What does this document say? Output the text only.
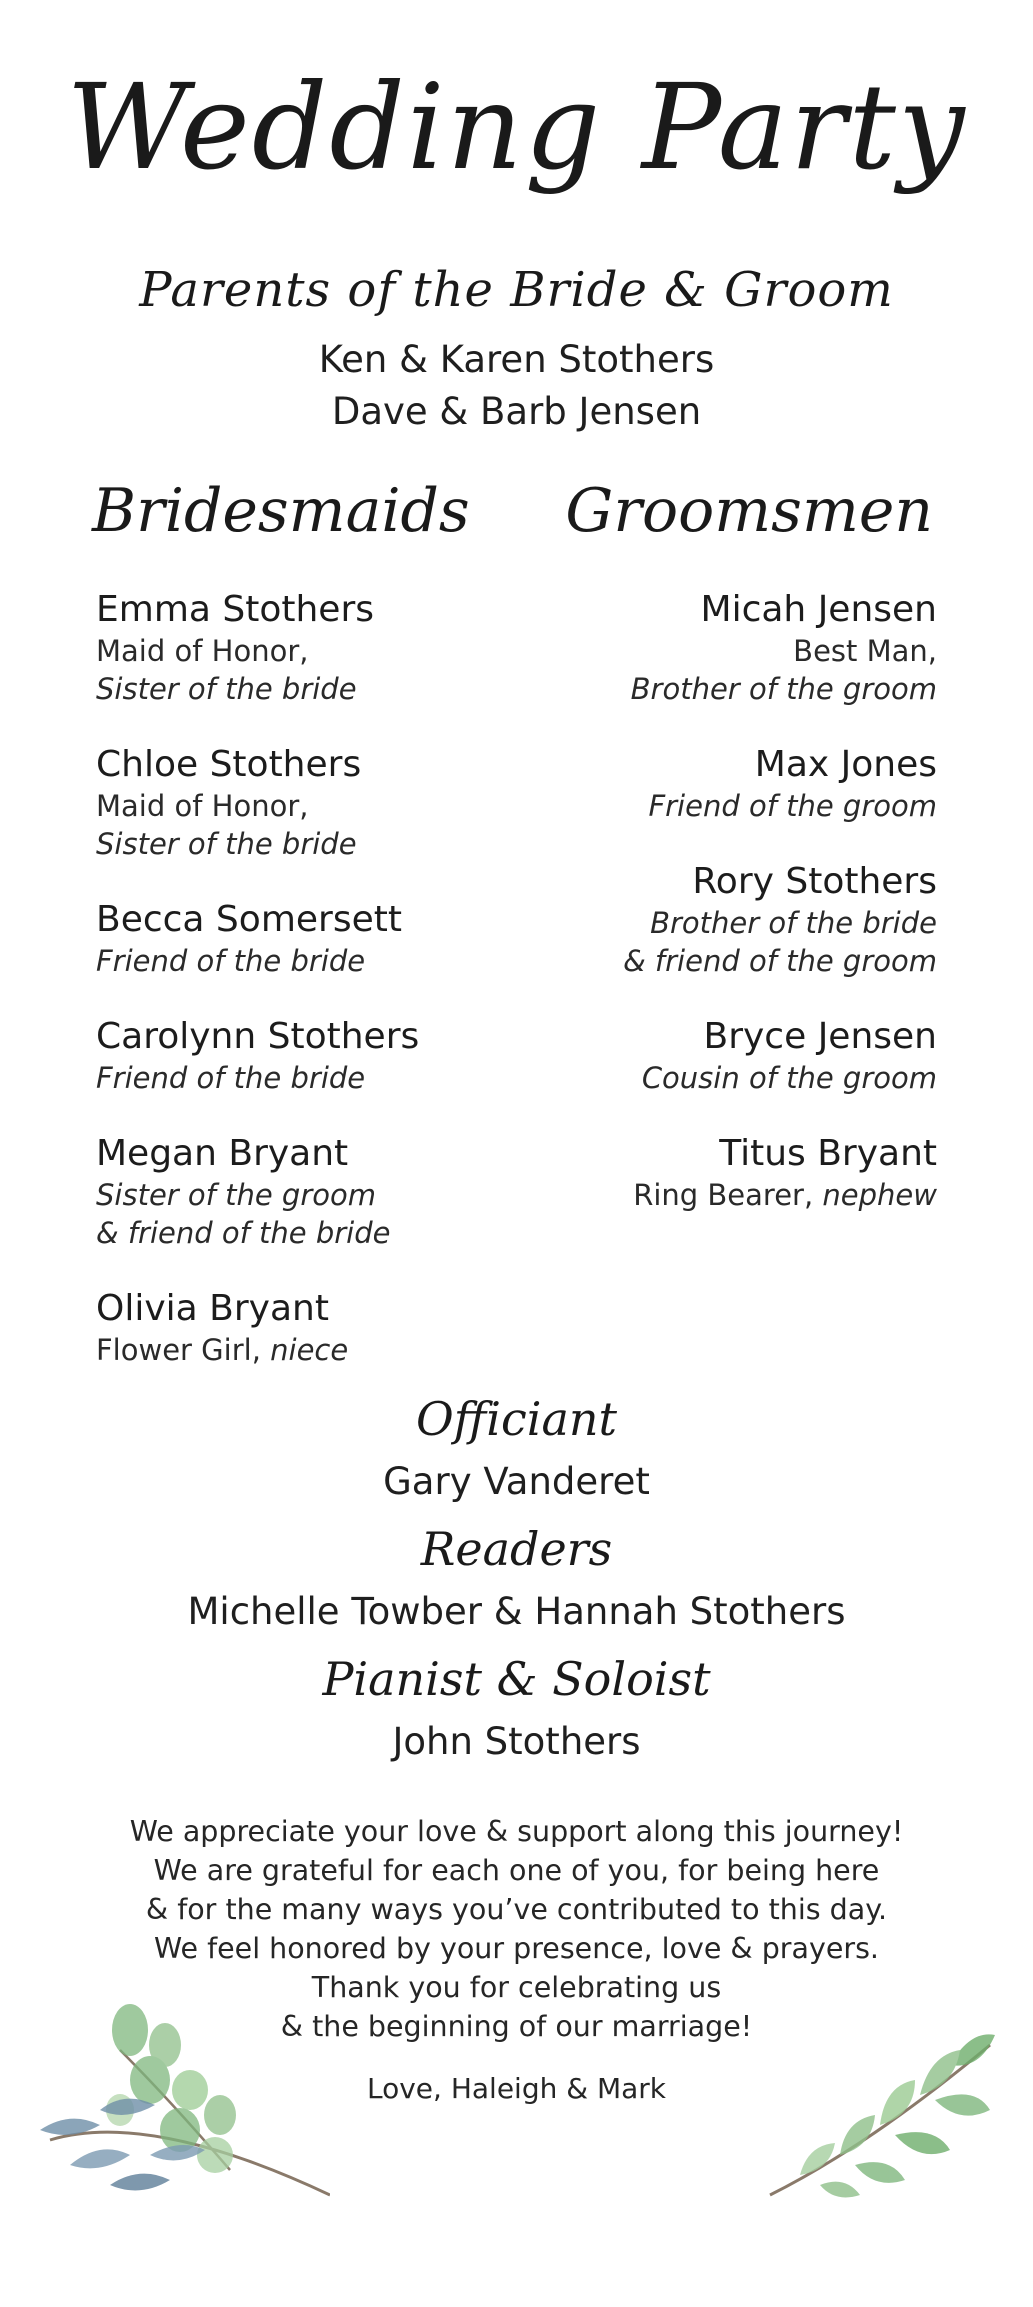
Wedding Party
Parents of the Bride & Groom
Ken & Karen Stothers
Dave & Barb Jensen
Bridesmaids Groomsmen
Emma Stothers
Maid of Honor,
Sister of the bride
Chloe Stothers
Maid of Honor,
Sister of the bride
Becca Somersett
Friend of the bride
Carolynn Stothers
Friend of the bride
Megan Bryant
Sister of the groom
& friend of the bride
Olivia Bryant
Flower Girl, niece
Micah Jensen
Best Man,
Brother of the groom
Max Jones
Friend of the groom
Rory Stothers
Brother of the bride
& friend of the groom
Bryce Jensen
Cousin of the groom
Titus Bryant
Ring Bearer, nephew
Officiant
Gary Vanderet
Readers
Michelle Towber & Hannah Stothers
Pianist & Soloist
John Stothers
We appreciate your love & support along this journey!
We are grateful for each one of you, for being here
& for the many ways you’ve contributed to this day.
We feel honored by your presence, love & prayers.
Thank you for celebrating us
& the beginning of our marriage!
Love, Haleigh & Mark
